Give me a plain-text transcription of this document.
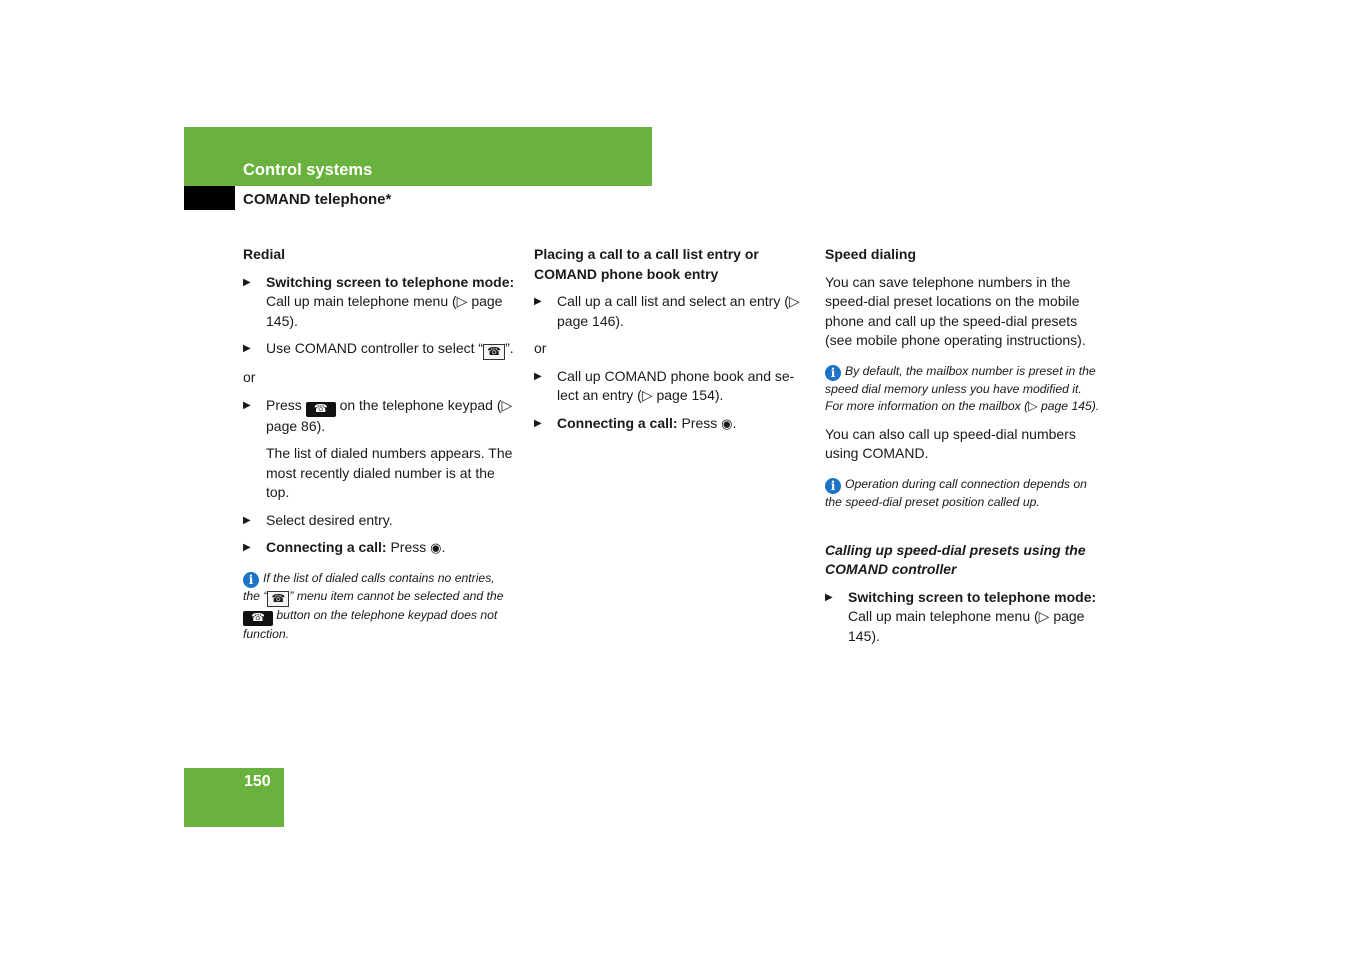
Control systems
COMAND telephone*
Redial
▶ Switching screen to telephone mode: Call up main telephone menu (▷ page 145).
▶ Use COMAND controller to select “ ☎ ”.

or

▶ Press ☎ on the telephone keypad (▷ page 86).
The list of dialed numbers appears. The most recently dialed number is at the top.
▶ Select desired entry.
▶ Connecting a call: Press ◉.
i If the list of dialed calls contains no entries, the “ ☎ ” menu item cannot be selected and the ☎ button on the telephone keypad does not function.
Placing a call to a call list entry or COMAND phone book entry
▶ Call up a call list and select an entry (▷ page 146).

or

▶ Call up COMAND phone book and se-lect an entry (▷ page 154).
▶ Connecting a call: Press ◉.
Speed dialing

You can save telephone numbers in the speed-dial preset locations on the mobile phone and call up the speed-dial presets (see mobile phone operating instructions).

i By default, the mailbox number is preset in the speed dial memory unless you have modified it. For more information on the mailbox (▷ page 145).

You can also call up speed-dial numbers using COMAND.

i Operation during call connection depends on the speed-dial preset position called up.
Calling up speed-dial presets using the COMAND controller
▶ Switching screen to telephone mode: Call up main telephone menu (▷ page 145).
150
